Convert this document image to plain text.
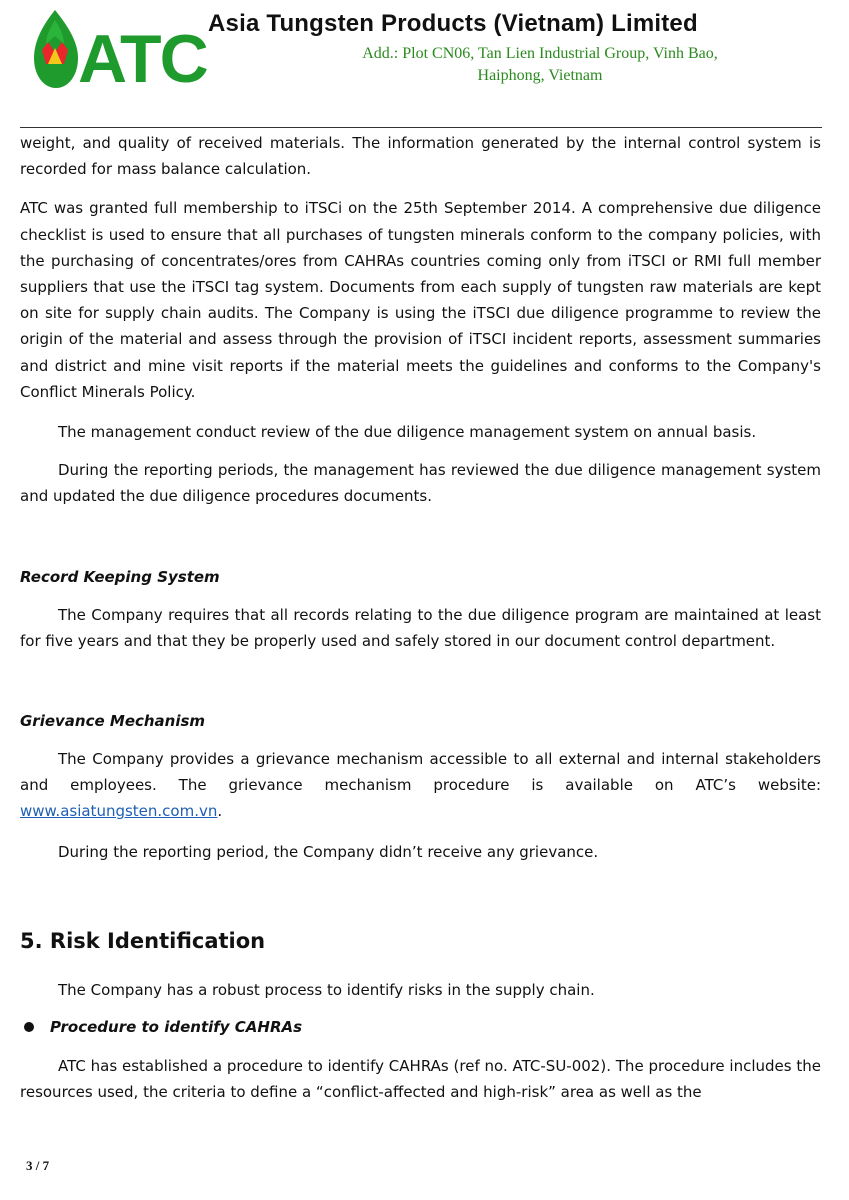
ATC Asia Tungsten Products (Vietnam) Limited
Add.: Plot CN06, Tan Lien Industrial Group, Vinh Bao,
Haiphong, Vietnam

weight, and quality of received materials. The information generated by the internal control system is recorded for mass balance calculation.

ATC was granted full membership to iTSCi on the 25th September 2014. A comprehensive due diligence checklist is used to ensure that all purchases of tungsten minerals conform to the company policies, with the purchasing of concentrates/ores from CAHRAs countries coming only from iTSCI or RMI full member suppliers that use the iTSCI tag system. Documents from each supply of tungsten raw materials are kept on site for supply chain audits. The Company is using the iTSCI due diligence programme to review the origin of the material and assess through the provision of iTSCI incident reports, assessment summaries and district and mine visit reports if the material meets the guidelines and conforms to the Company's Conflict Minerals Policy.

The management conduct review of the due diligence management system on annual basis.

During the reporting periods, the management has reviewed the due diligence management system and updated the due diligence procedures documents.

Record Keeping System

The Company requires that all records relating to the due diligence program are maintained at least for five years and that they be properly used and safely stored in our document control department.

Grievance Mechanism

The Company provides a grievance mechanism accessible to all external and internal stakeholders and employees. The grievance mechanism procedure is available on ATC’s website: www.asiatungsten.com.vn.

During the reporting period, the Company didn’t receive any grievance.

5. Risk Identification

The Company has a robust process to identify risks in the supply chain.

Procedure to identify CAHRAs

ATC has established a procedure to identify CAHRAs (ref no. ATC-SU-002). The procedure includes the resources used, the criteria to define a “conflict-affected and high-risk” area as well as the

3 / 7
